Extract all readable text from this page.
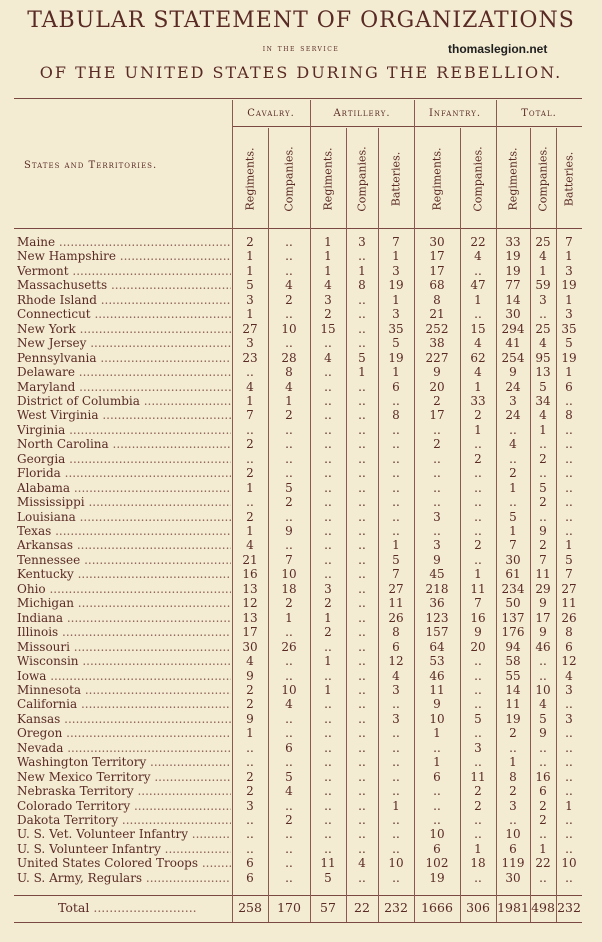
TABULAR STATEMENT OF ORGANIZATIONS
in the service
OF THE UNITED STATES DURING THE REBELLION.
thomaslegion.net
Cavalry.	Artillery.	Infantry.	Total.
States and Territories.	Regiments. Companies. Regiments. Companies. Batteries.	Regiments.	Companies. Regiments. Companies. Batteries.
Maine .....	2	..	1	3	7	30	22	33	25	7
New Hampshire .....	1	..	1	..	1	17	4	19	4	1
Vermont .....	1	..	1	1	3	17	..	19	1	3
Massachusetts .....	5	4	4	8	19	68	47	77	59 19
Rhode Island .....	3	2	3	..	1	8	1	14	3	1
Connecticut .....	1	..	2	..	3	21	..	30	..	3
New York .....	27	10	15	..	35	252	15	294 25 35
New Jersey .....	3	..	..	..	5	38	4	41	4	5
Pennsylvania .....	23	28	4	5	19	227	62	254 95 19
Delaware .....	..	8	..	1	1	9	4	9	13	1
Maryland .....	4	4	..	..	6	20	1	24	5	6
District of Columbia .....	1	1	..	..	..	2	33	3	34	..
West Virginia .....	7	2	..	..	8	17	2	24	4	8
Virginia .....	..	..	..	..	..	..	1	..	1	..
North Carolina .....	2	..	..	..	..	2	..	4	..	..
Georgia .....	..	..	..	..	..	..	2	..	2	..
Florida .....	2	..	..	..	..	..	..	2	..	..
Alabama .....	1	5	..	..	..	..	..	1	5	..
Mississippi .....	..	2	..	..	..	..	..	..	2	..
Louisiana .....	2	..	..	..	..	3	..	5	..	..
Texas .....	1	9	..	..	..	..	..	1	9	..
Arkansas .....	4	..	..	..	1	3	2	7	2	1
Tennessee .....	21	7	..	..	5	9	..	30	7	5
Kentucky .....	16	10	..	..	7	45	1	61	11	7
Ohio .....	13	18	3	..	27	218	11	234 29 27
Michigan .....	12	2	2	..	11	36	7	50	9	11
Indiana .....	13	1	1	..	26	123	16	137 17 26
Illinois .....	17	..	2	..	8	157	9	176	9	8
Missouri .....	30	26	..	..	6	64	20	94	46	6
Wisconsin .....	4	..	1	..	12	53	..	58	..	12
Iowa .....	9	..	..	..	4	46	..	55	..	4
Minnesota .....	2	10	1	..	3	11	..	14	10	3
California .....	2	4	..	..	..	9	..	11	4	..
Kansas .....	9	..	..	..	3	10	5	19	5	3
Oregon .....	1	..	..	..	..	1	..	2	9	..
Nevada .....	..	6	..	..	..	..	3	..	..	..
Washington Territory .....	..	..	..	..	..	1	..	1	..	..
New Mexico Territory .....	2	5	..	..	..	6	11	8	16	..
Nebraska Territory .....	2	4	..	..	..	..	2	2	6	..
Colorado Territory .....	3	..	..	..	1	..	2	3	2	1
Dakota Territory .....	..	2	..	..	..	..	..	..	2	..
U. S. Vet. Volunteer Infantry .....	..	..	..	..	..	10	..	10	..	..
U. S. Volunteer Infantry .....	..	..	..	..	..	6	1	6	1	..
United States Colored Troops .....	6	..	11	4	10	102	18	119 22 10
U. S. Army, Regulars .....	6	..	5	..	..	19	..	30	..	..
Total .....	258	170	57	22	232	1666	306 1981 498 232
